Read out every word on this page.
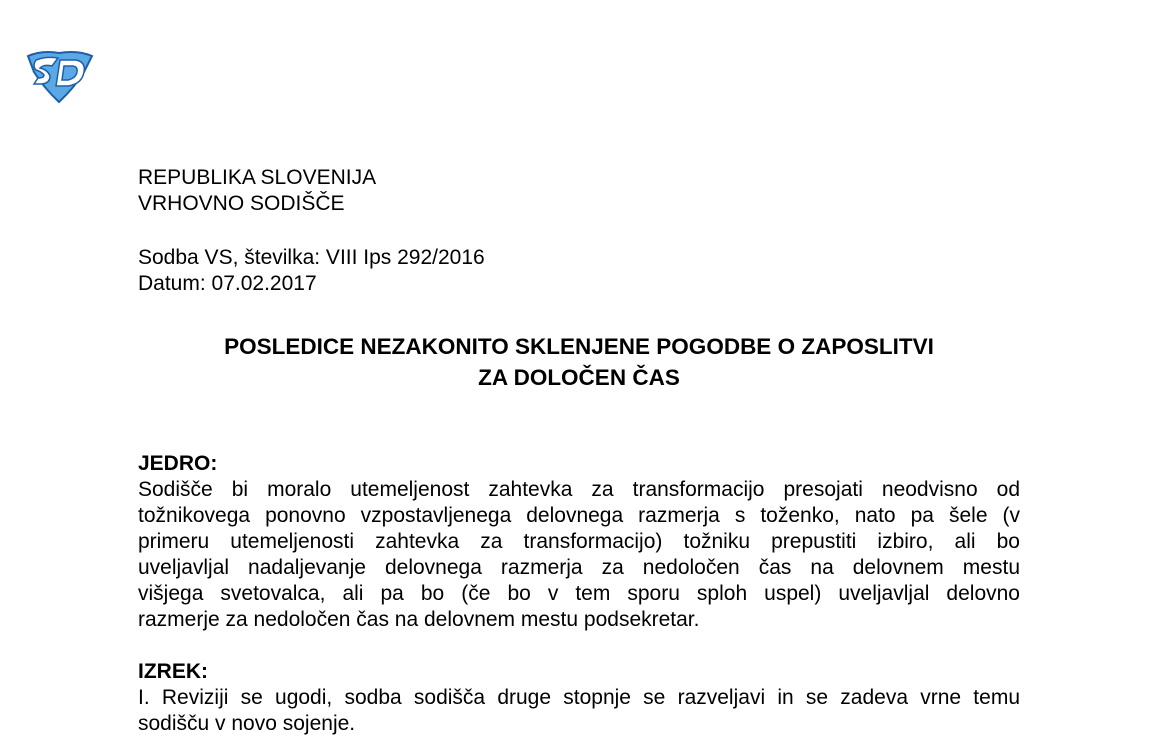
REPUBLIKA SLOVENIJA
VRHOVNO SODIŠČE
Sodba VS, številka: VIII Ips 292/2016
Datum: 07.02.2017
POSLEDICE NEZAKONITO SKLENJENE POGODBE O ZAPOSLITVI
ZA DOLOČEN ČAS
JEDRO:
Sodišče bi moralo utemeljenost zahtevka za transformacijo presojati neodvisno od
tožnikovega ponovno vzpostavljenega delovnega razmerja s toženko, nato pa šele (v
primeru utemeljenosti zahtevka za transformacijo) tožniku prepustiti izbiro, ali bo
uveljavljal nadaljevanje delovnega razmerja za nedoločen čas na delovnem mestu
višjega svetovalca, ali pa bo (če bo v tem sporu sploh uspel) uveljavljal delovno
razmerje za nedoločen čas na delovnem mestu podsekretar.
IZREK:
I. Reviziji se ugodi, sodba sodišča druge stopnje se razveljavi in se zadeva vrne temu
sodišču v novo sojenje.
